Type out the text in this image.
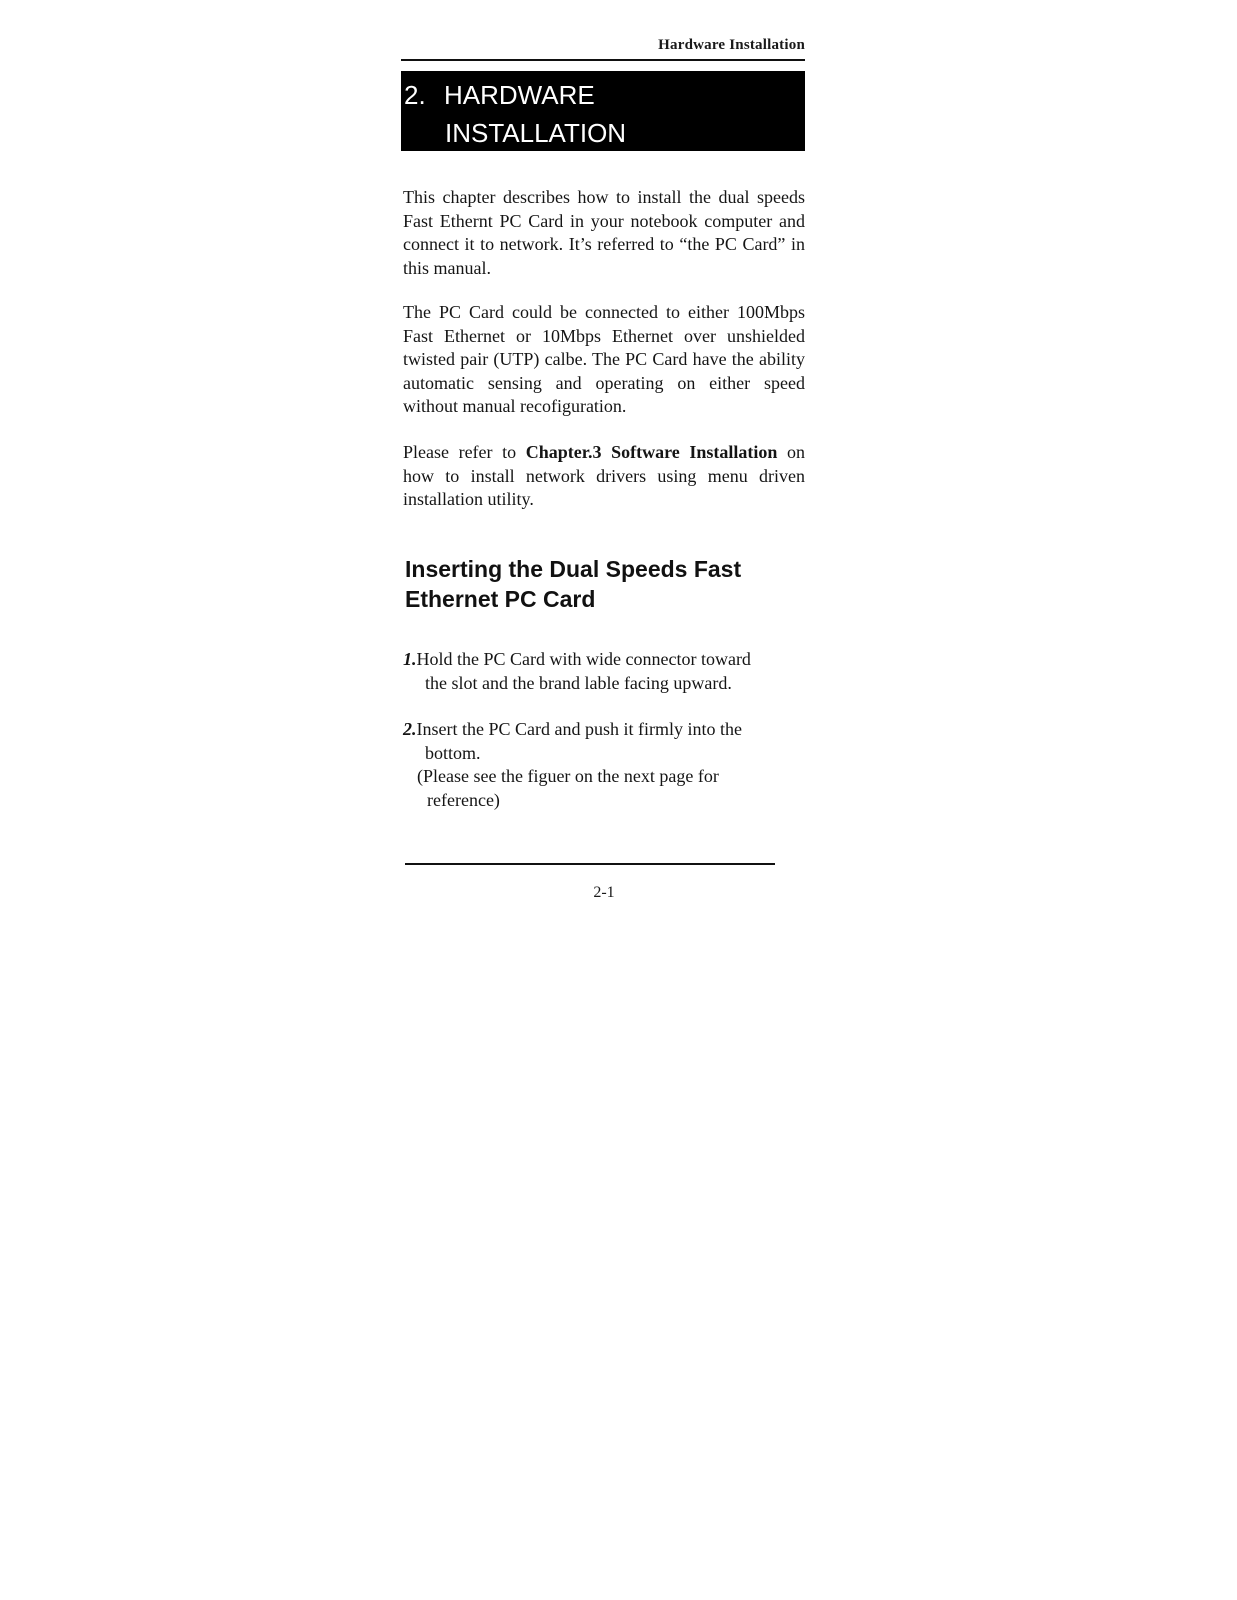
Hardware Installation
2. HARDWARE
INSTALLATION

This chapter describes how to install the dual speeds Fast Ethernt PC Card in your notebook computer and connect it to network. It’s referred to “the PC Card” in this manual.

The PC Card could be connected to either 100Mbps Fast Ethernet or 10Mbps Ethernet over unshielded twisted pair (UTP) calbe. The PC Card have the ability automatic sensing and operating on either speed without manual recofiguration.

Please refer to Chapter.3 Software Installation on how to install network drivers using menu driven installation utility.

Inserting the Dual Speeds Fast
Ethernet PC Card
1.Hold the PC Card with wide connector toward
the slot and the brand lable facing upward.
2.Insert the PC Card and push it firmly into the
bottom.
(Please see the figuer on the next page for
reference)
2-1
